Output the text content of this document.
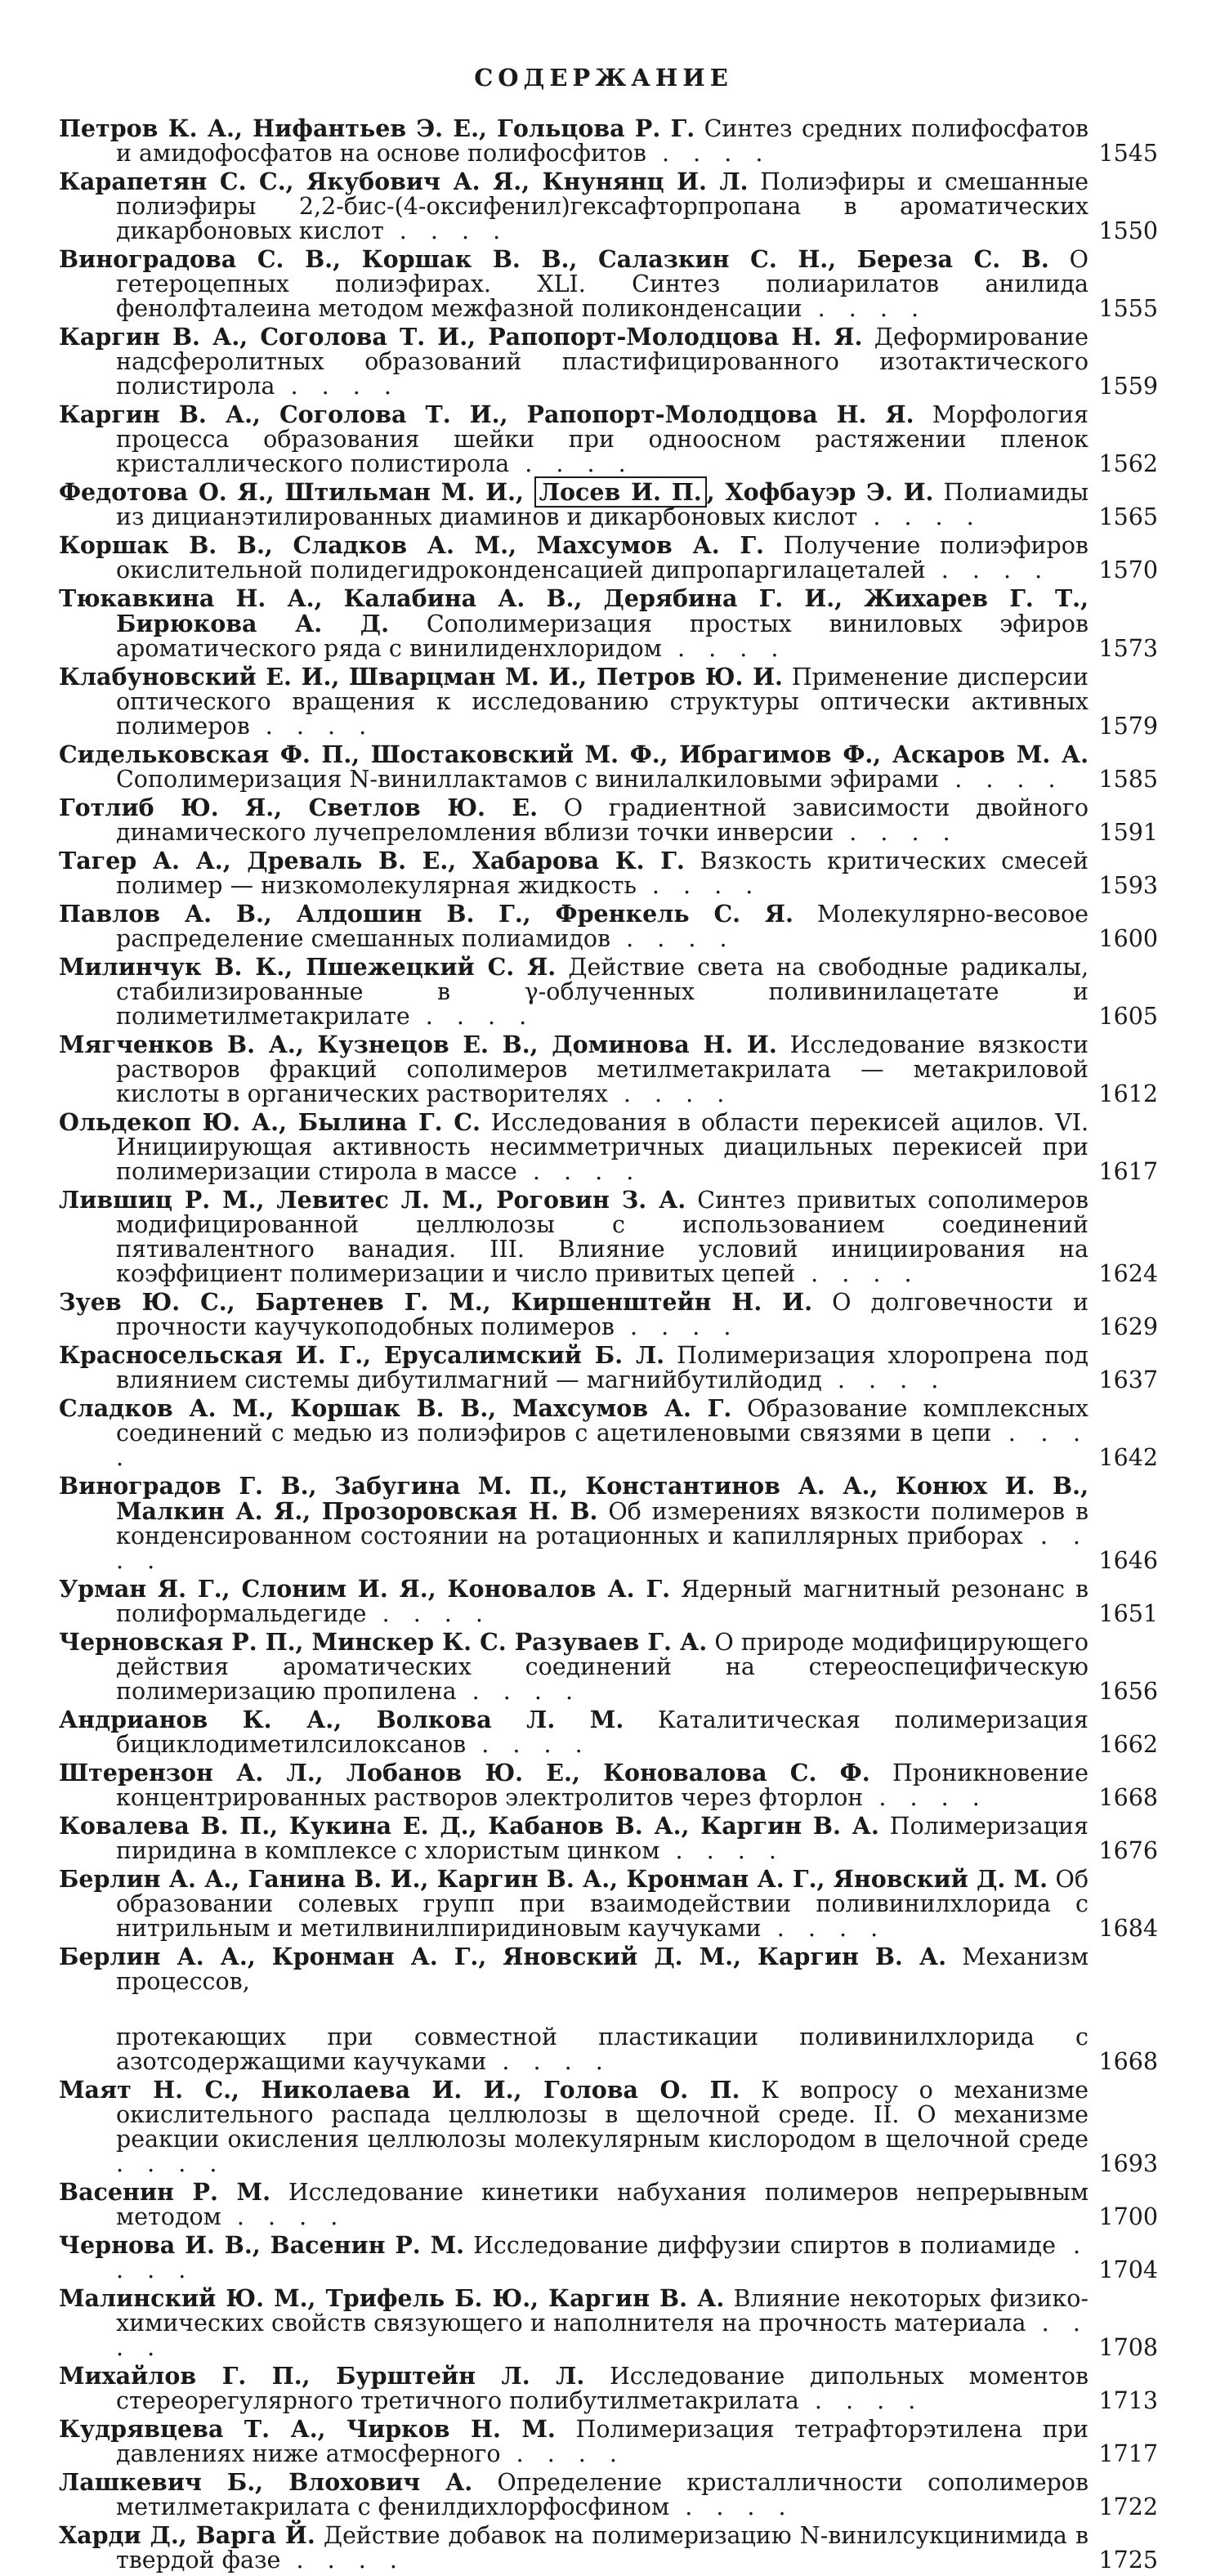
СОДЕРЖАНИЕ
Петров К. А., Нифантьев Э. Е., Гольцова Р. Г. Синтез средних полифосфатов и амидофосфатов на основе полифосфитов . . . .	1545
Карапетян С. С., Якубович А. Я., Кнунянц И. Л. Полиэфиры и смешанные полиэфиры 2,2-бис-(4-оксифенил)гексафторпропана в ароматических дикарбоновых кислот . . . .	1550
Виноградова С. В., Коршак В. В., Салазкин С. Н., Береза С. В. О гетероцепных полиэфирах. XLI. Синтез полиарилатов анилида фенолфталеина методом межфазной поликонденсации . . . .	1555
Каргин В. А., Соголова Т. И., Рапопорт-Молодцова Н. Я. Деформирование надсферолитных образований пластифицированного изотактического полистирола . . . .	1559
Каргин В. А., Соголова Т. И., Рапопорт-Молодцова Н. Я. Морфология процесса образования шейки при одноосном растяжении пленок кристаллического полистирола . . . .	1562
Федотова О. Я., Штильман М. И., Лосев И. П. , Хофбауэр Э. И. Полиамиды из дицианэтилированных диаминов и дикарбоновых кислот . . . .	1565
Коршак В. В., Сладков А. М., Махсумов А. Г. Получение полиэфиров окислительной полидегидроконденсацией дипропаргилацеталей . . . .	1570
Тюкавкина Н. А., Калабина А. В., Дерябина Г. И., Жихарев Г. Т., Бирюкова А. Д. Сополимеризация простых виниловых эфиров ароматического ряда с винилиденхлоридом . . . .	1573
Клабуновский Е. И., Шварцман М. И., Петров Ю. И. Применение дисперсии оптического вращения к исследованию структуры оптически активных полимеров . . . .	1579
Сидельковская Ф. П., Шостаковский М. Ф., Ибрагимов Ф., Аскаров М. А. Сополимеризация N-виниллактамов с винилалкиловыми эфирами . . . .	1585
Готлиб Ю. Я., Светлов Ю. Е. О градиентной зависимости двойного динамического лучепреломления вблизи точки инверсии . . . .	1591
Тагер А. А., Древаль В. Е., Хабарова К. Г. Вязкость критических смесей полимер — низкомолекулярная жидкость . . . .	1593
Павлов А. В., Алдошин В. Г., Френкель С. Я. Молекулярно-весовое распределение смешанных полиамидов . . . .	1600
Милинчук В. К., Пшежецкий С. Я. Действие света на свободные радикалы, стабилизированные в γ-облученных поливинилацетате и полиметилметакрилате . . . .	1605
Мягченков В. А., Кузнецов Е. В., Доминова Н. И. Исследование вязкости растворов фракций сополимеров метилметакрилата — метакриловой кислоты в органических растворителях . . . .	1612
Ольдекоп Ю. А., Былина Г. С. Исследования в области перекисей ацилов. VI. Инициирующая активность несимметричных диацильных перекисей при полимеризации стирола в массе . . . .	1617
Лившиц Р. М., Левитес Л. М., Роговин З. А. Синтез привитых сополимеров модифицированной целлюлозы с использованием соединений пятивалентного ванадия. III. Влияние условий инициирования на коэффициент полимеризации и число привитых цепей . . . .	1624
Зуев Ю. С., Бартенев Г. М., Киршенштейн Н. И. О долговечности и прочности каучукоподобных полимеров . . . .	1629
Красносельская И. Г., Ерусалимский Б. Л. Полимеризация хлоропрена под влиянием системы дибутилмагний — магнийбутилйодид . . . .	1637
Сладков А. М., Коршак В. В., Махсумов А. Г. Образование комплексных соединений с медью из полиэфиров с ацетиленовыми связями в цепи . . . .	1642
Виноградов Г. В., Забугина М. П., Константинов А. А., Конюх И. В., Малкин А. Я., Прозоровская Н. В. Об измерениях вязкости полимеров в конденсированном состоянии на ротационных и капиллярных приборах . . . .	1646
Урман Я. Г., Слоним И. Я., Коновалов А. Г. Ядерный магнитный резонанс в полиформальдегиде . . . .	1651
Черновская Р. П., Минскер К. С. Разуваев Г. А. О природе модифицирующего действия ароматических соединений на стереоспецифическую полимеризацию пропилена . . . .	1656
Андрианов К. А., Волкова Л. М. Каталитическая полимеризация бициклодиметилсилоксанов . . . .	1662
Штерензон А. Л., Лобанов Ю. Е., Коновалова С. Ф. Проникновение концентрированных растворов электролитов через фторлон . . . .	1668
Ковалева В. П., Кукина Е. Д., Кабанов В. А., Каргин В. А. Полимеризация пиридина в комплексе с хлористым цинком . . . .	1676
Берлин А. А., Ганина В. И., Каргин В. А., Кронман А. Г., Яновский Д. М. Об образовании солевых групп при взаимодействии поливинилхлорида с нитрильным и метилвинилпиридиновым каучуками . . . .	1684
Берлин А. А., Кронман А. Г., Яновский Д. М., Каргин В. А. Механизм процессов,
протекающих при совместной пластикации поливинилхлорида с азотсодержащими каучуками . . . .	1668
Маят Н. С., Николаева И. И., Голова О. П. К вопросу о механизме окислительного распада целлюлозы в щелочной среде. II. О механизме реакции окисления целлюлозы молекулярным кислородом в щелочной среде . . . .	1693
Васенин Р. М. Исследование кинетики набухания полимеров непрерывным методом . . . .	1700
Чернова И. В., Васенин Р. М. Исследование диффузии спиртов в полиамиде . . . .	1704
Малинский Ю. М., Трифель Б. Ю., Каргин В. А. Влияние некоторых физико-химических свойств связующего и наполнителя на прочность материала . . . .	1708
Михайлов Г. П., Бурштейн Л. Л. Исследование дипольных моментов стереорегулярного третичного полибутилметакрилата . . . .	1713
Кудрявцева Т. А., Чирков Н. М. Полимеризация тетрафторэтилена при давлениях ниже атмосферного . . . .	1717
Лашкевич Б., Влохович А. Определение кристалличности сополимеров метилметакрилата с фенилдихлорфосфином . . . .	1722
Харди Д., Варга Й. Действие добавок на полимеризацию N-винилсукцинимида в твердой фазе . . . .	1725
